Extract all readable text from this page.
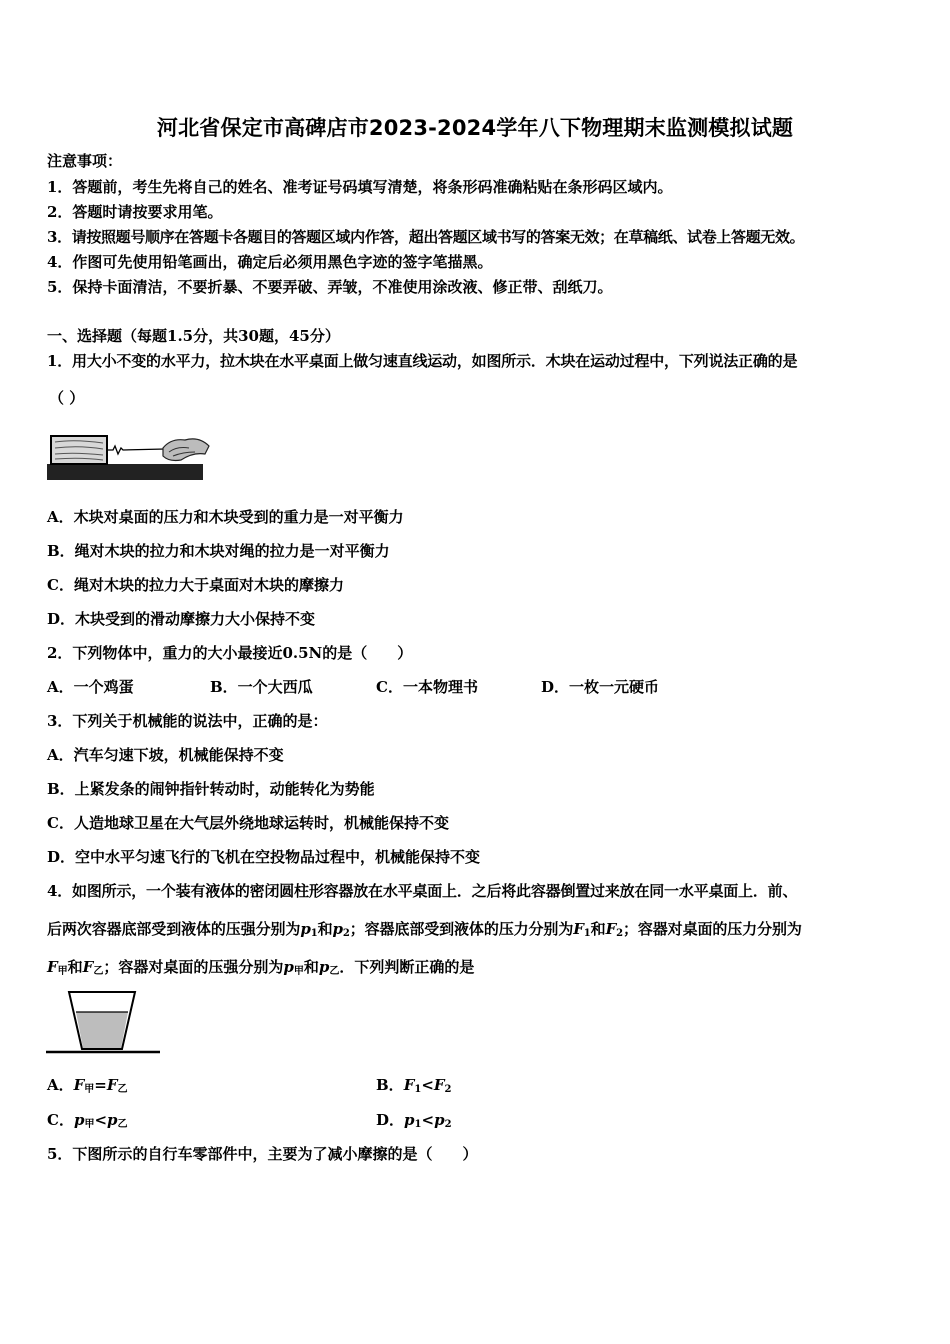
河北省保定市高碑店市2023-2024学年八下物理期末监测模拟试题
注意事项：
1．答题前，考生先将自己的姓名、准考证号码填写清楚，将条形码准确粘贴在条形码区域内。
2．答题时请按要求用笔。
3．请按照题号顺序在答题卡各题目的答题区域内作答，超出答题区域书写的答案无效；在草稿纸、试卷上答题无效。
4．作图可先使用铅笔画出，确定后必须用黑色字迹的签字笔描黑。
5．保持卡面清洁，不要折暴、不要弄破、弄皱，不准使用涂改液、修正带、刮纸刀。
一、选择题（每题1.5分，共30题，45分）
1．用大小不变的水平力，拉木块在水平桌面上做匀速直线运动，如图所示．木块在运动过程中，下列说法正确的是
（ ）
A．木块对桌面的压力和木块受到的重力是一对平衡力
B．绳对木块的拉力和木块对绳的拉力是一对平衡力
C．绳对木块的拉力大于桌面对木块的摩擦力
D．木块受到的滑动摩擦力大小保持不变
2．下列物体中，重力的大小最接近0.5N的是（　　）
A．一个鸡蛋	B．一个大西瓜	C．一本物理书	D．一枚一元硬币
3．下列关于机械能的说法中，正确的是：
A．汽车匀速下坡，机械能保持不变
B．上紧发条的闹钟指针转动时，动能转化为势能
C．人造地球卫星在大气层外绕地球运转时，机械能保持不变
D．空中水平匀速飞行的飞机在空投物品过程中，机械能保持不变
4．如图所示，一个装有液体的密闭圆柱形容器放在水平桌面上．之后将此容器倒置过来放在同一水平桌面上．前、
后两次容器底部受到液体的压强分别为$p_1$和$p_2$；容器底部受到液体的压力分别为$F_1$和$F_2$；容器对桌面的压力分别为
$F_甲$和$F_乙$；容器对桌面的压强分别为$p_甲$和$p_乙$．下列判断正确的是
A．$F_甲=F_乙$	B．$F_1<F_2$
C．$p_甲<p_乙$	D．$p_1<p_2$
5．下图所示的自行车零部件中，主要为了减小摩擦的是（　　）
